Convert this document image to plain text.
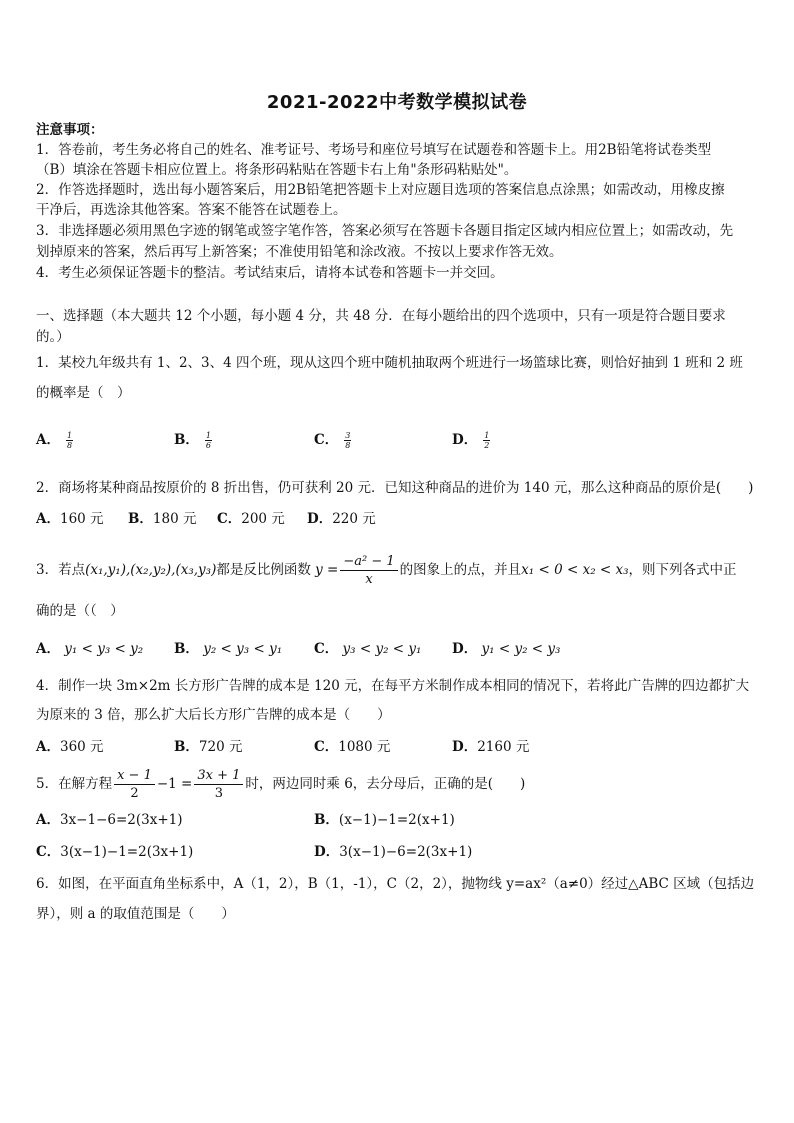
2021-2022中考数学模拟试卷
注意事项：
1．答卷前，考生务必将自己的姓名、准考证号、考场号和座位号填写在试题卷和答题卡上。用2B铅笔将试卷类型
（B）填涂在答题卡相应位置上。将条形码粘贴在答题卡右上角"条形码粘贴处"。
2．作答选择题时，选出每小题答案后，用2B铅笔把答题卡上对应题目选项的答案信息点涂黑；如需改动，用橡皮擦
干净后，再选涂其他答案。答案不能答在试题卷上。
3．非选择题必须用黑色字迹的钢笔或签字笔作答，答案必须写在答题卡各题目指定区域内相应位置上；如需改动，先
划掉原来的答案，然后再写上新答案；不准使用铅笔和涂改液。不按以上要求作答无效。
4．考生必须保证答题卡的整洁。考试结束后，请将本试卷和答题卡一并交回。
一、选择题（本大题共 12 个小题，每小题 4 分，共 48 分．在每小题给出的四个选项中，只有一项是符合题目要求
的。）
1．某校九年级共有 1、2、3、4 四个班，现从这四个班中随机抽取两个班进行一场篮球比赛，则恰好抽到 1 班和 2 班
的概率是（　）
A． $\frac{1}{8}$	B． $\frac{1}{6}$	C． $\frac{3}{8}$	D． $\frac{1}{2}$
2．商场将某种商品按原价的 8 折出售，仍可获利 20 元．已知这种商品的进价为 140 元，那么这种商品的原价是(　　)
A．160 元 B．180 元 C．200 元 D．220 元
3．若点(x₁,y₁),(x₂,y₂),(x₃,y₃)都是反比例函数 $y = \frac{\text{−a² − 1}}{x}$ 的图象上的点，并且x₁ < 0 < x₂ < x₃，则下列各式中正
确的是（（　）
A． y₁ < y₃ < y₂ B． y₂ < y₃ < y₁ C． y₃ < y₂ < y₁ D． y₁ < y₂ < y₃
4．制作一块 3m×2m 长方形广告牌的成本是 120 元，在每平方米制作成本相同的情况下，若将此广告牌的四边都扩大
为原来的 3 倍，那么扩大后长方形广告牌的成本是（　　）
A．360 元	B．720 元	C．1080 元	D．2160 元
5．在解方程 $\frac{x - 1}{2} -1 = \frac{3x + 1}{3}$ 时，两边同时乘 6，去分母后，正确的是(　　)
A．3x−1−6=2(3x+1)	B．(x−1)−1=2(x+1)
C．3(x−1)−1=2(3x+1)	D．3(x−1)−6=2(3x+1)
6．如图，在平面直角坐标系中，A（1，2），B（1，-1），C（2，2），抛物线 y=ax²（a≠0）经过△ABC 区域（包括边
界），则 a 的取值范围是（　　）
